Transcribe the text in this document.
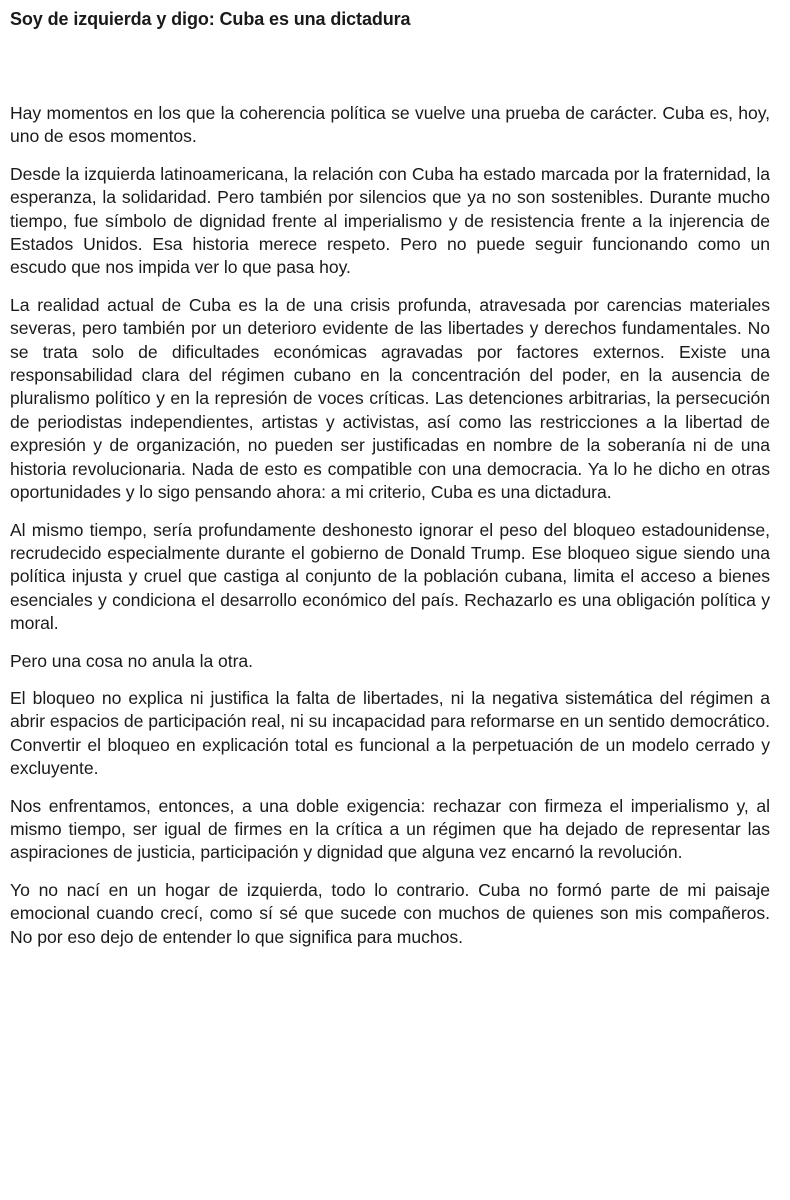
Soy de izquierda y digo: Cuba es una dictadura

Hay momentos en los que la coherencia política se vuelve una prueba de carácter. Cuba es, hoy, uno de esos momentos.

Desde la izquierda latinoamericana, la relación con Cuba ha estado marcada por la fraternidad, la esperanza, la solidaridad. Pero también por silencios que ya no son sostenibles. Durante mucho tiempo, fue símbolo de dignidad frente al imperialismo y de resistencia frente a la injerencia de Estados Unidos. Esa historia merece respeto. Pero no puede seguir funcionando como un escudo que nos impida ver lo que pasa hoy.

La realidad actual de Cuba es la de una crisis profunda, atravesada por carencias materiales severas, pero también por un deterioro evidente de las libertades y derechos fundamentales. No se trata solo de dificultades económicas agravadas por factores externos. Existe una responsabilidad clara del régimen cubano en la concentración del poder, en la ausencia de pluralismo político y en la represión de voces críticas. Las detenciones arbitrarias, la persecución de periodistas independientes, artistas y activistas, así como las restricciones a la libertad de expresión y de organización, no pueden ser justificadas en nombre de la soberanía ni de una historia revolucionaria. Nada de esto es compatible con una democracia. Ya lo he dicho en otras oportunidades y lo sigo pensando ahora: a mi criterio, Cuba es una dictadura.

Al mismo tiempo, sería profundamente deshonesto ignorar el peso del bloqueo estadounidense, recrudecido especialmente durante el gobierno de Donald Trump. Ese bloqueo sigue siendo una política injusta y cruel que castiga al conjunto de la población cubana, limita el acceso a bienes esenciales y condiciona el desarrollo económico del país. Rechazarlo es una obligación política y moral.

Pero una cosa no anula la otra.

El bloqueo no explica ni justifica la falta de libertades, ni la negativa sistemática del régimen a abrir espacios de participación real, ni su incapacidad para reformarse en un sentido democrático. Convertir el bloqueo en explicación total es funcional a la perpetuación de un modelo cerrado y excluyente.

Nos enfrentamos, entonces, a una doble exigencia: rechazar con firmeza el imperialismo y, al mismo tiempo, ser igual de firmes en la crítica a un régimen que ha dejado de representar las aspiraciones de justicia, participación y dignidad que alguna vez encarnó la revolución.

Yo no nací en un hogar de izquierda, todo lo contrario. Cuba no formó parte de mi paisaje emocional cuando crecí, como sí sé que sucede con muchos de quienes son mis compañeros. No por eso dejo de entender lo que significa para muchos.
